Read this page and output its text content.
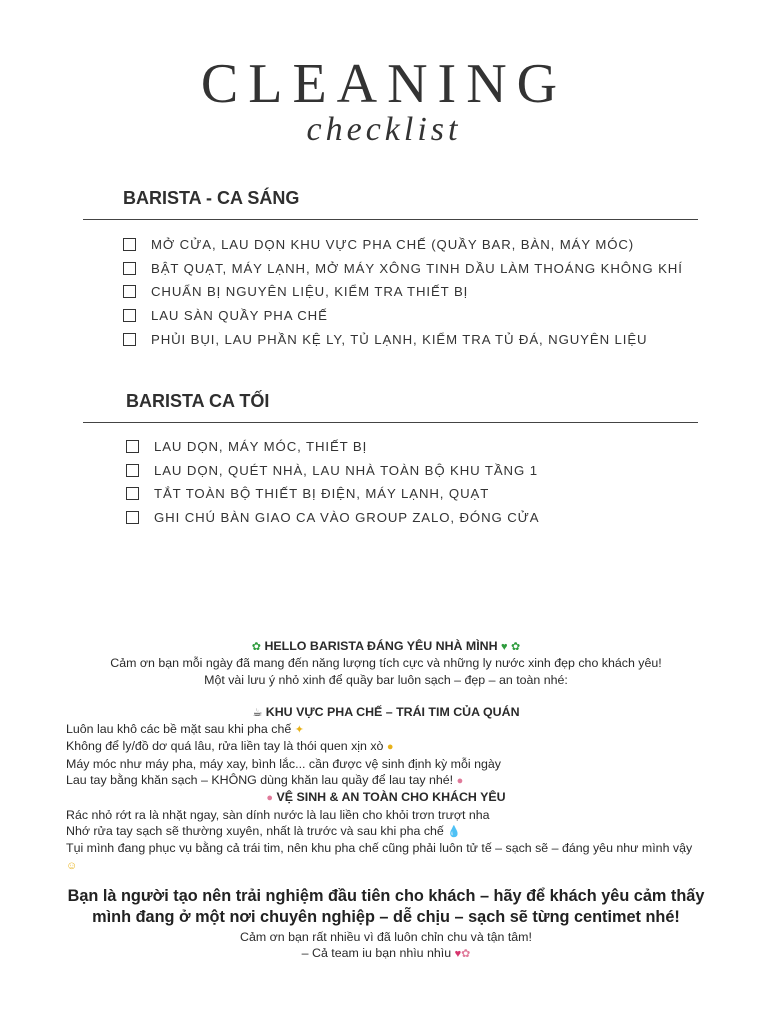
CLEANING
checklist
BARISTA - CA SÁNG
MỞ CỬA, LAU DỌN KHU VỰC PHA CHẾ (QUẦY BAR, BÀN, MÁY MÓC)
BẬT QUẠT, MÁY LẠNH, MỞ MÁY XÔNG TINH DẦU LÀM THOÁNG KHÔNG KHÍ
CHUẨN BỊ NGUYÊN LIỆU, KIỂM TRA THIẾT BỊ
LAU SÀN QUẦY PHA CHẾ
PHỦI BỤI, LAU PHẦN KỆ LY, TỦ LẠNH, KIỂM TRA TỦ ĐÁ, NGUYÊN LIỆU
BARISTA CA TỐI
LAU DỌN, MÁY MÓC, THIẾT BỊ
LAU DỌN, QUÉT NHÀ, LAU NHÀ TOÀN BỘ KHU TẦNG 1
TẮT TOÀN BỘ THIẾT BỊ ĐIỆN, MÁY LẠNH, QUẠT
GHI CHÚ BÀN GIAO CA VÀO GROUP ZALO, ĐÓNG CỬA
✿ HELLO BARISTA ĐÁNG YÊU NHÀ MÌNH ♥ ✿
Cảm ơn bạn mỗi ngày đã mang đến năng lượng tích cực và những ly nước xinh đẹp cho khách yêu!
Một vài lưu ý nhỏ xinh để quầy bar luôn sạch – đẹp – an toàn nhé:
☕ KHU VỰC PHA CHẾ – TRÁI TIM CỦA QUÁN
Luôn lau khô các bề mặt sau khi pha chế ✦
Không để ly/đồ dơ quá lâu, rửa liền tay là thói quen xịn xò ●
Máy móc như máy pha, máy xay, bình lắc... cần được vệ sinh định kỳ mỗi ngày
Lau tay bằng khăn sạch – KHÔNG dùng khăn lau quầy để lau tay nhé! ●
● VỆ SINH & AN TOÀN CHO KHÁCH YÊU
Rác nhỏ rớt ra là nhặt ngay, sàn dính nước là lau liền cho khỏi trơn trượt nha
Nhớ rửa tay sạch sẽ thường xuyên, nhất là trước và sau khi pha chế 💧
Tụi mình đang phục vụ bằng cả trái tim, nên khu pha chế cũng phải luôn tử tế – sạch sẽ – đáng yêu như mình vậy ☺
Bạn là người tạo nên trải nghiệm đầu tiên cho khách – hãy để khách yêu cảm thấy mình đang ở một nơi chuyên nghiệp – dễ chịu – sạch sẽ từng centimet nhé!
Cảm ơn bạn rất nhiều vì đã luôn chỉn chu và tận tâm!
– Cả team iu bạn nhìu nhìu ♥✿
